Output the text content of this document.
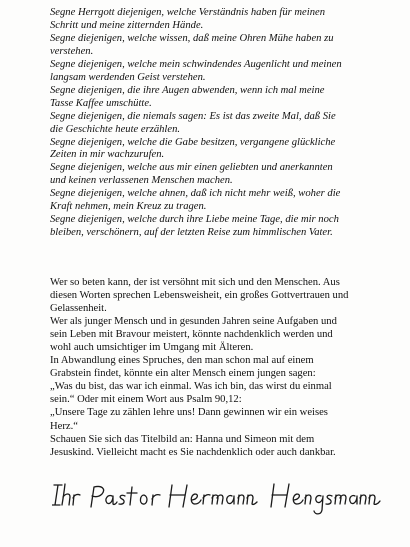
Segne Herrgott diejenigen, welche Verständnis haben für meinen
Schritt und meine zitternden Hände.
Segne diejenigen, welche wissen, daß meine Ohren Mühe haben zu
verstehen.
Segne diejenigen, welche mein schwindendes Augenlicht und meinen
langsam werdenden Geist verstehen.
Segne diejenigen, die ihre Augen abwenden, wenn ich mal meine
Tasse Kaffee umschütte.
Segne diejenigen, die niemals sagen: Es ist das zweite Mal, daß Sie
die Geschichte heute erzählen.
Segne diejenigen, welche die Gabe besitzen, vergangene glückliche
Zeiten in mir wachzurufen.
Segne diejenigen, welche aus mir einen geliebten und anerkannten
und keinen verlassenen Menschen machen.
Segne diejenigen, welche ahnen, daß ich nicht mehr weiß, woher die
Kraft nehmen, mein Kreuz zu tragen.
Segne diejenigen, welche durch ihre Liebe meine Tage, die mir noch
bleiben, verschönern, auf der letzten Reise zum himmlischen Vater.
Wer so beten kann, der ist versöhnt mit sich und den Menschen. Aus
diesen Worten sprechen Lebensweisheit, ein großes Gottvertrauen und
Gelassenheit.
Wer als junger Mensch und in gesunden Jahren seine Aufgaben und
sein Leben mit Bravour meistert, könnte nachdenklich werden und
wohl auch umsichtiger im Umgang mit Älteren.
In Abwandlung eines Spruches, den man schon mal auf einem
Grabstein findet, könnte ein alter Mensch einem jungen sagen:
„Was du bist, das war ich einmal. Was ich bin, das wirst du einmal
sein.“ Oder mit einem Wort aus Psalm 90,12:
„Unsere Tage zu zählen lehre uns! Dann gewinnen wir ein weises
Herz.“
Schauen Sie sich das Titelbild an: Hanna und Simeon mit dem
Jesuskind. Vielleicht macht es Sie nachdenklich oder auch dankbar.
